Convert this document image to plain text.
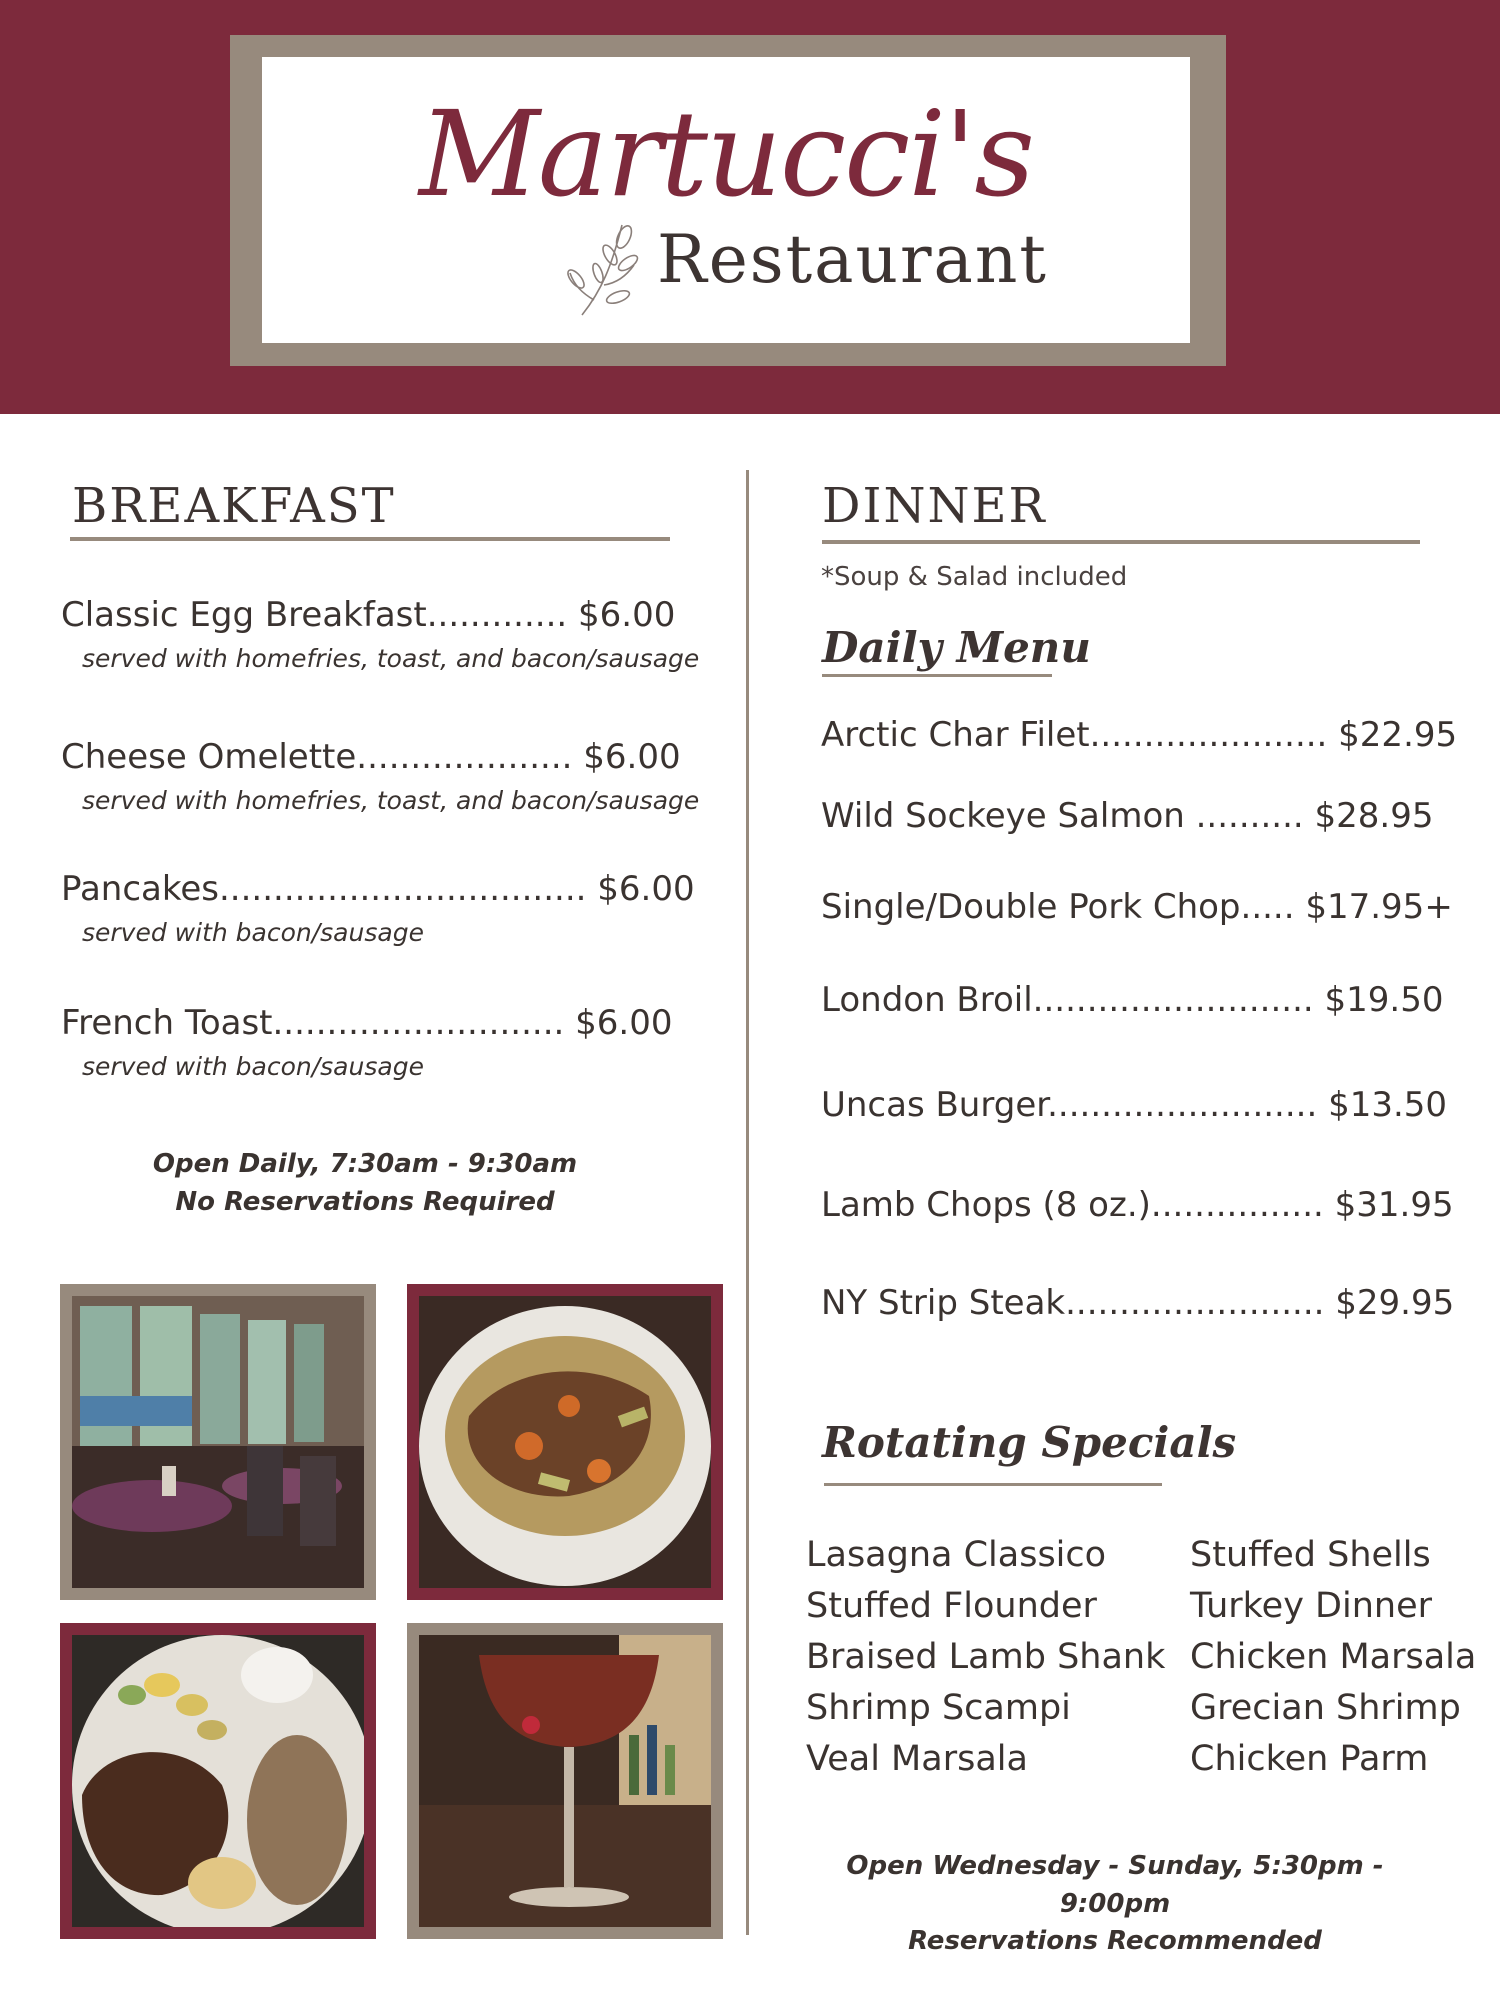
Martucci's
Restaurant
BREAKFAST
Classic Egg Breakfast............. $6.00
served with homefries, toast, and bacon/sausage
Cheese Omelette.................... $6.00
served with homefries, toast, and bacon/sausage
Pancakes.................................. $6.00
served with bacon/sausage
French Toast........................... $6.00
served with bacon/sausage
Open Daily, 7:30am - 9:30am
No Reservations Required
DINNER
*Soup & Salad included
Daily Menu
Arctic Char Filet...................... $22.95
Wild Sockeye Salmon .......... $28.95
Single/Double Pork Chop..... $17.95+
London Broil.......................... $19.50
Uncas Burger......................... $13.50
Lamb Chops (8 oz.)................ $31.95
NY Strip Steak........................ $29.95
Rotating Specials
Lasagna Classico
Stuffed Flounder
Braised Lamb Shank
Shrimp Scampi
Veal Marsala
Stuffed Shells
Turkey Dinner
Chicken Marsala
Grecian Shrimp
Chicken Parm
Open Wednesday - Sunday, 5:30pm - 9:00pm
Reservations Recommended
